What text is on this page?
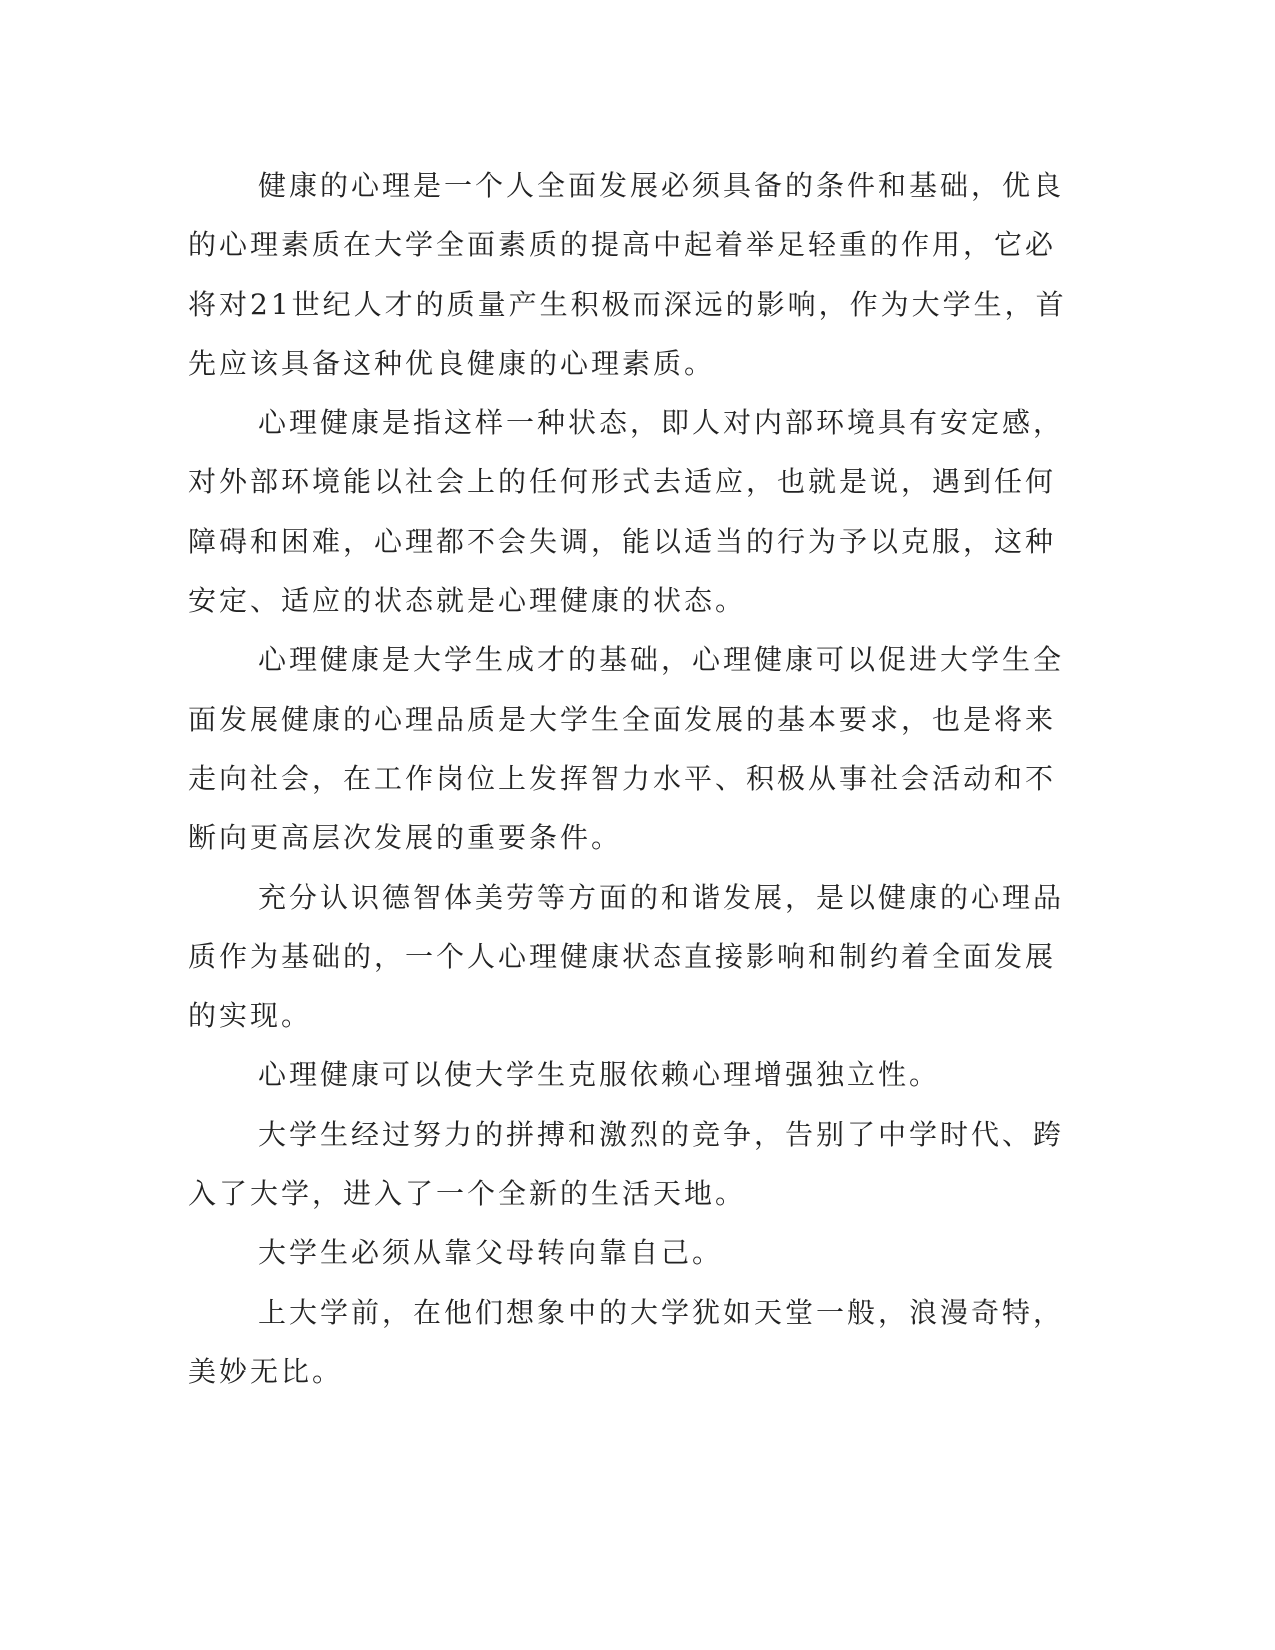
健康的心理是一个人全面发展必须具备的条件和基础，优良的心理素质在大学全面素质的提高中起着举足轻重的作用，它必将对21世纪人才的质量产生积极而深远的影响，作为大学生，首先应该具备这种优良健康的心理素质。

心理健康是指这样一种状态，即人对内部环境具有安定感，对外部环境能以社会上的任何形式去适应，也就是说，遇到任何障碍和困难，心理都不会失调，能以适当的行为予以克服，这种安定、适应的状态就是心理健康的状态。

心理健康是大学生成才的基础，心理健康可以促进大学生全面发展健康的心理品质是大学生全面发展的基本要求，也是将来走向社会，在工作岗位上发挥智力水平、积极从事社会活动和不断向更高层次发展的重要条件。

充分认识德智体美劳等方面的和谐发展，是以健康的心理品质作为基础的，一个人心理健康状态直接影响和制约着全面发展的实现。

心理健康可以使大学生克服依赖心理增强独立性。

大学生经过努力的拼搏和激烈的竞争，告别了中学时代、跨入了大学，进入了一个全新的生活天地。

大学生必须从靠父母转向靠自己。

上大学前，在他们想象中的大学犹如天堂一般，浪漫奇特，美妙无比。
